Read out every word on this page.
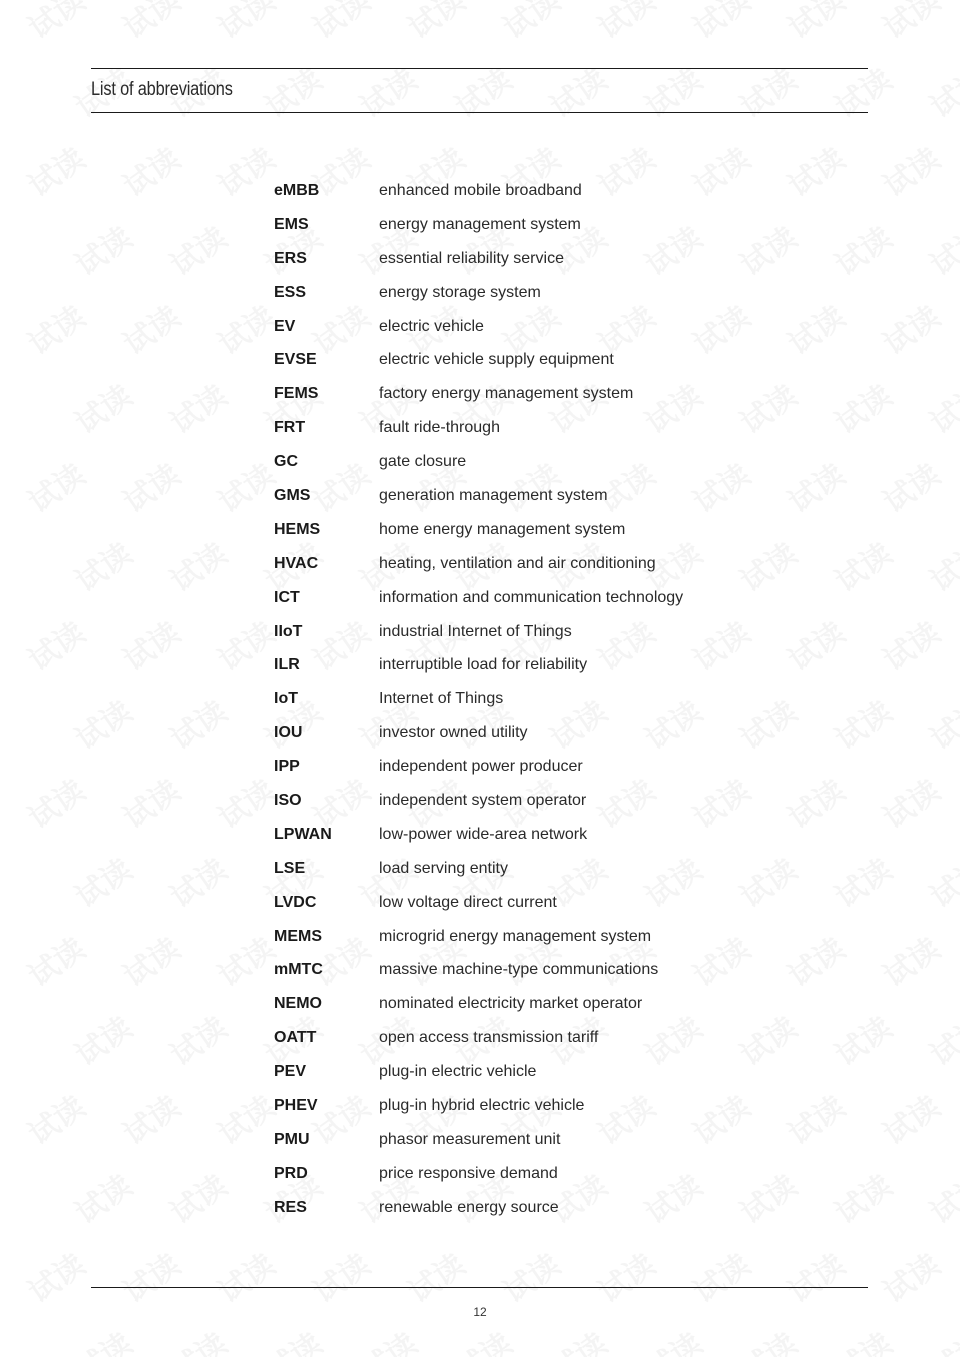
List of abbreviations
eMBB	enhanced mobile broadband
EMS	energy management system
ERS	essential reliability service
ESS	energy storage system
EV	electric vehicle
EVSE	electric vehicle supply equipment
FEMS	factory energy management system
FRT	fault ride-through
GC	gate closure
GMS	generation management system
HEMS	home energy management system
HVAC	heating, ventilation and air conditioning
ICT	information and communication technology
IIoT	industrial Internet of Things
ILR	interruptible load for reliability
IoT	Internet of Things
IOU	investor owned utility
IPP	independent power producer
ISO	independent system operator
LPWAN	low-power wide-area network
LSE	load serving entity
LVDC	low voltage direct current
MEMS	microgrid energy management system
mMTC	massive machine-type communications
NEMO	nominated electricity market operator
OATT	open access transmission tariff
PEV	plug-in electric vehicle
PHEV	plug-in hybrid electric vehicle
PMU	phasor measurement unit
PRD	price responsive demand
RES	renewable energy source
12
